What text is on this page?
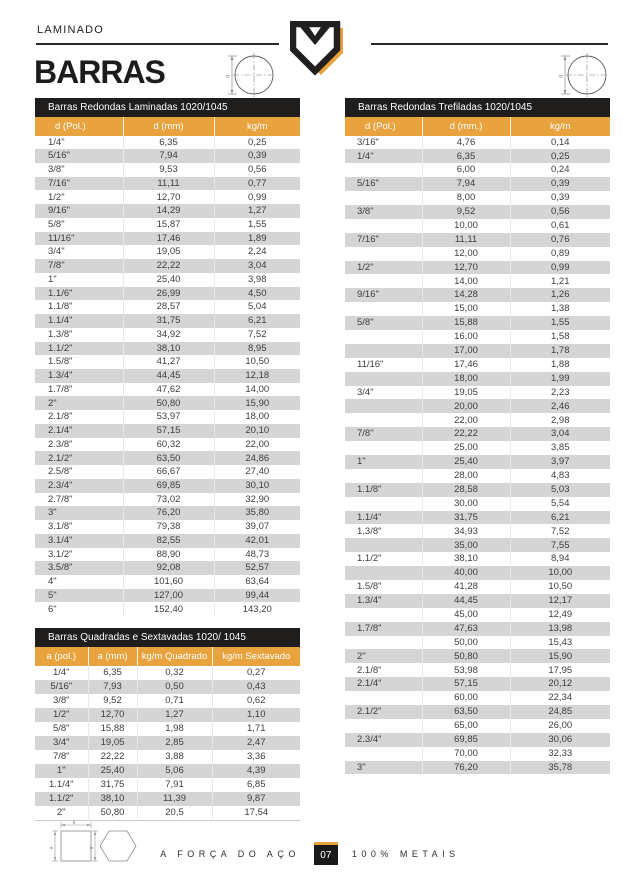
LAMINADO
BARRAS	d	d
Barras Redondas Laminadas 1020/1045
d (Pol.)	d (mm)	kg/m
1/4"	6,35	0,25
5/16"	7,94	0,39
3/8"	9,53	0,56
7/16"	11,11	0,77
1/2"	12,70	0,99
9/16"	14,29	1,27
5/8"	15,87	1,55
11/16"	17,46	1,89
3/4"	19,05	2,24
7/8"	22,22	3,04
1"	25,40	3,98
1.1/6"	26,99	4,50
1.1/8"	28,57	5,04
1.1/4"	31,75	6,21
1.3/8"	34,92	7,52
1.1/2"	38,10	8,95
1.5/8"	41,27	10,50
1.3/4"	44,45	12,18
1.7/8"	47,62	14,00
2"	50,80	15,90
2.1/8"	53,97	18,00
2.1/4"	57,15	20,10
2.3/8"	60,32	22,00
2.1/2"	63,50	24,86
2.5/8"	66,67	27,40
2.3/4"	69,85	30,10
2.7/8"	73,02	32,90
3"	76,20	35,80
3.1/8"	79,38	39,07
3.1/4"	82,55	42,01
3.1/2"	88,90	48,73
3.5/8"	92,08	52,57
4"	101,60	63,64
5"	127,00	99,44
6"	152,40	143,20
Barras Redondas Trefiladas 1020/1045
d (Pol.)	d (mm.)	kg/m
3/16"	4,76	0,14
1/4"	6,35	0,25
	6,00	0,24
5/16"	7,94	0,39
	8,00	0,39
3/8"	9,52	0,56
	10,00	0,61
7/16"	11,11	0,76
	12,00	0,89
1/2"	12,70	0,99
	14,00	1,21
9/16"	14,28	1,26
	15,00	1,38
5/8"	15,88	1,55
	16,00	1,58
	17,00	1,78
11/16"	17,46	1,88
	18,00	1,99
3/4"	19,05	2,23
	20,00	2,46
	22,00	2,98
7/8"	22,22	3,04
	25,00	3,85
1"	25,40	3,97
	28,00	4,83
1.1/8"	28,58	5,03
	30,00	5,54
1.1/4"	31,75	6,21
1.3/8"	34,93	7,52
	35,00	7,55
1.1/2"	38,10	8,94
	40,00	10,00
1.5/8"	41,28	10,50
1.3/4"	44,45	12,17
	45,00	12,49
1.7/8"	47,63	13,98
	50,00	15,43
2"	50,80	15,90
2.1/8"	53,98	17,95
2.1/4"	57,15	20,12
	60,00	22,34
2.1/2"	63,50	24,85
	65,00	26,00
2.3/4"	69,85	30,06
	70,00	32,33
3"	76,20	35,78
Barras Quadradas e Sextavadas 1020/ 1045
a (pol.)	a (mm)	kg/m Quadrado	kg/m Sextavado
1/4"	6,35	0,32	0,27
5/16"	7,93	0,50	0,43
3/8"	9,52	0,71	0,62
1/2"	12,70	1,27	1,10
5/8"	15,88	1,98	1,71
3/4"	19,05	2,85	2,47
7/8"	22,22	3,88	3,36
1"	25,40	5,06	4,39
1.1/4"	31,75	7,91	6,85
1.1/2"	38,10	11,39	9,87
2"	50,80	20,5	17,54
a
a	a
A FORÇA DO AÇO	07	100% METAIS
